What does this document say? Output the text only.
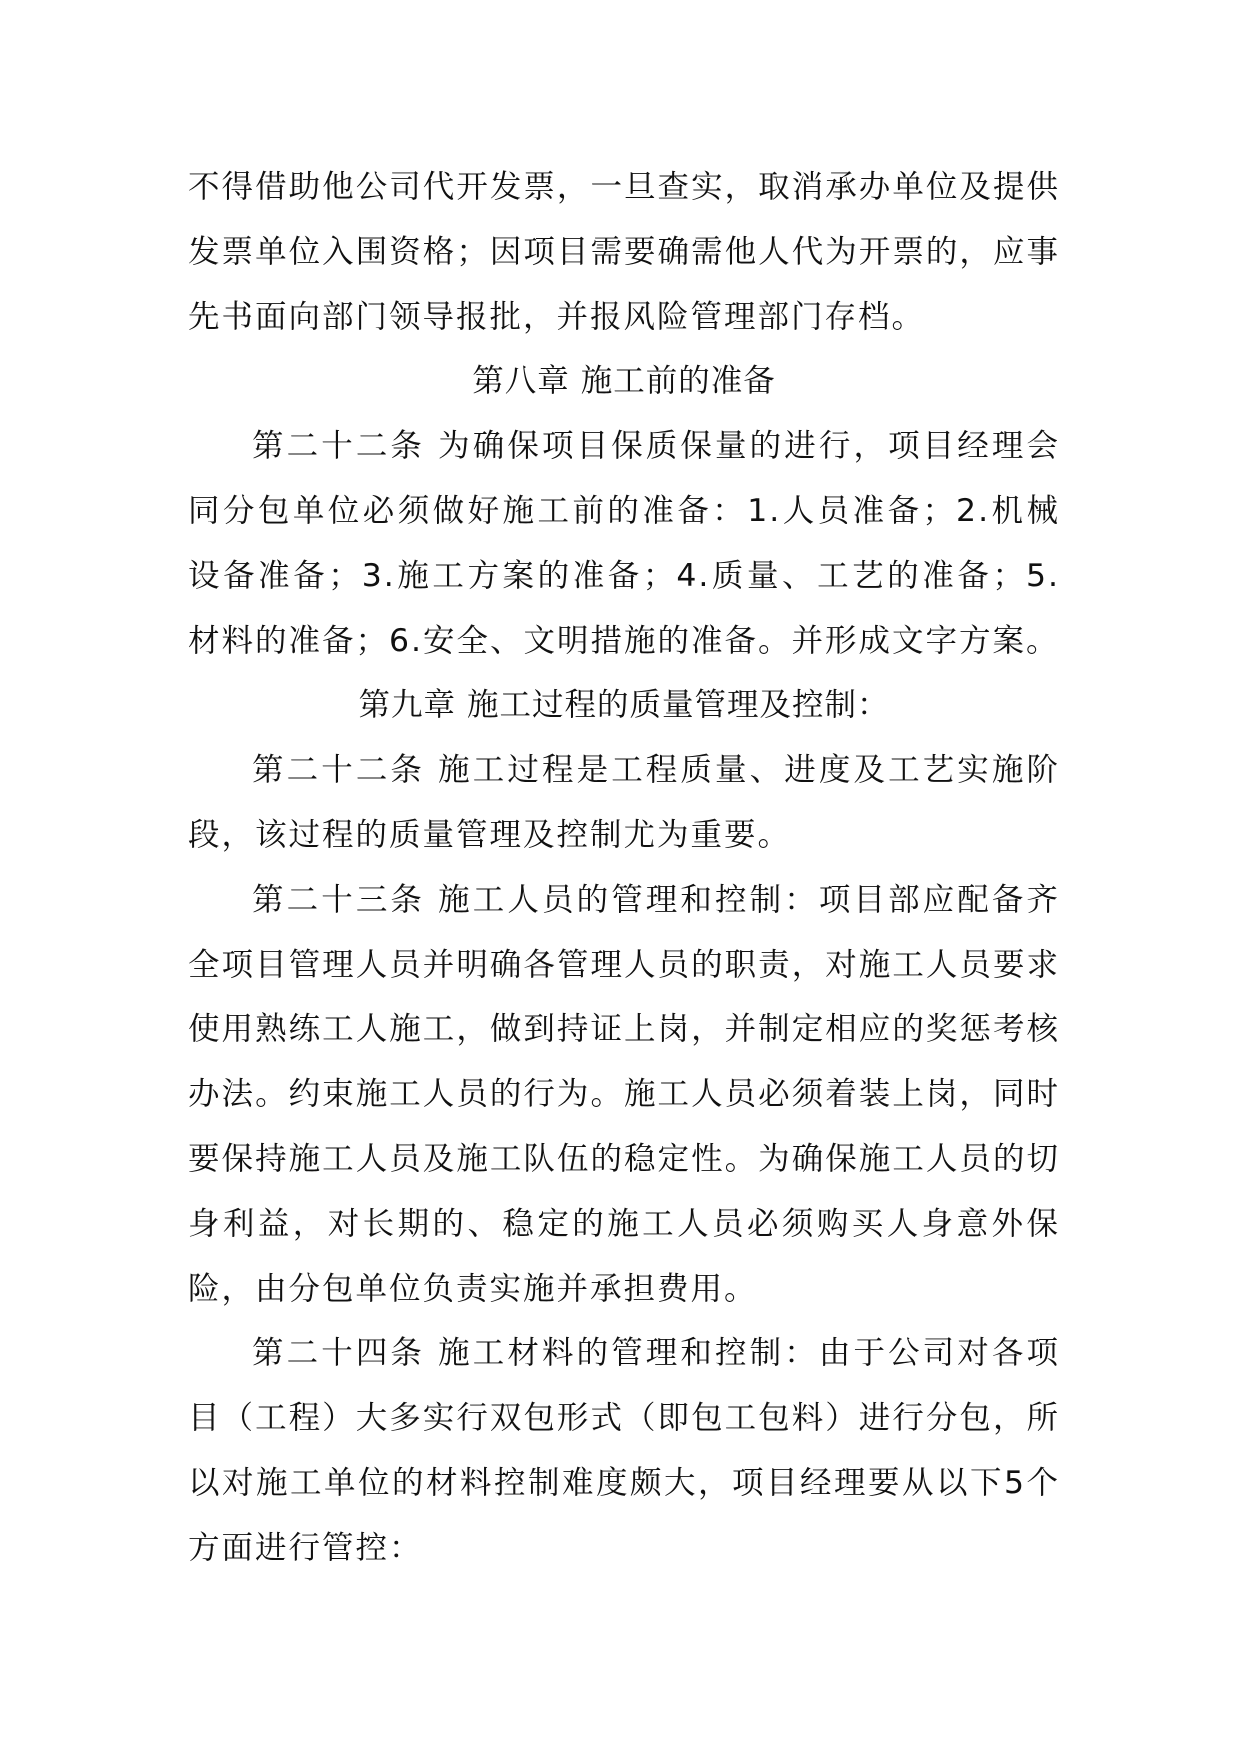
不得借助他公司代开发票，一旦查实，取消承办单位及提供发票单位入围资格；因项目需要确需他人代为开票的，应事先书面向部门领导报批，并报风险管理部门存档。

第八章 施工前的准备

第二十二条 为确保项目保质保量的进行，项目经理会同分包单位必须做好施工前的准备：1.人员准备；2.机械设备准备；3.施工方案的准备；4.质量、工艺的准备；5.材料的准备；6.安全、文明措施的准备。并形成文字方案。

第九章 施工过程的质量管理及控制：

第二十二条 施工过程是工程质量、进度及工艺实施阶段，该过程的质量管理及控制尤为重要。

第二十三条 施工人员的管理和控制：项目部应配备齐全项目管理人员并明确各管理人员的职责，对施工人员要求使用熟练工人施工，做到持证上岗，并制定相应的奖惩考核办法。约束施工人员的行为。施工人员必须着装上岗，同时要保持施工人员及施工队伍的稳定性。为确保施工人员的切身利益，对长期的、稳定的施工人员必须购买人身意外保险，由分包单位负责实施并承担费用。

第二十四条 施工材料的管理和控制：由于公司对各项目（工程）大多实行双包形式（即包工包料）进行分包，所以对施工单位的材料控制难度颇大，项目经理要从以下5个方面进行管控：
